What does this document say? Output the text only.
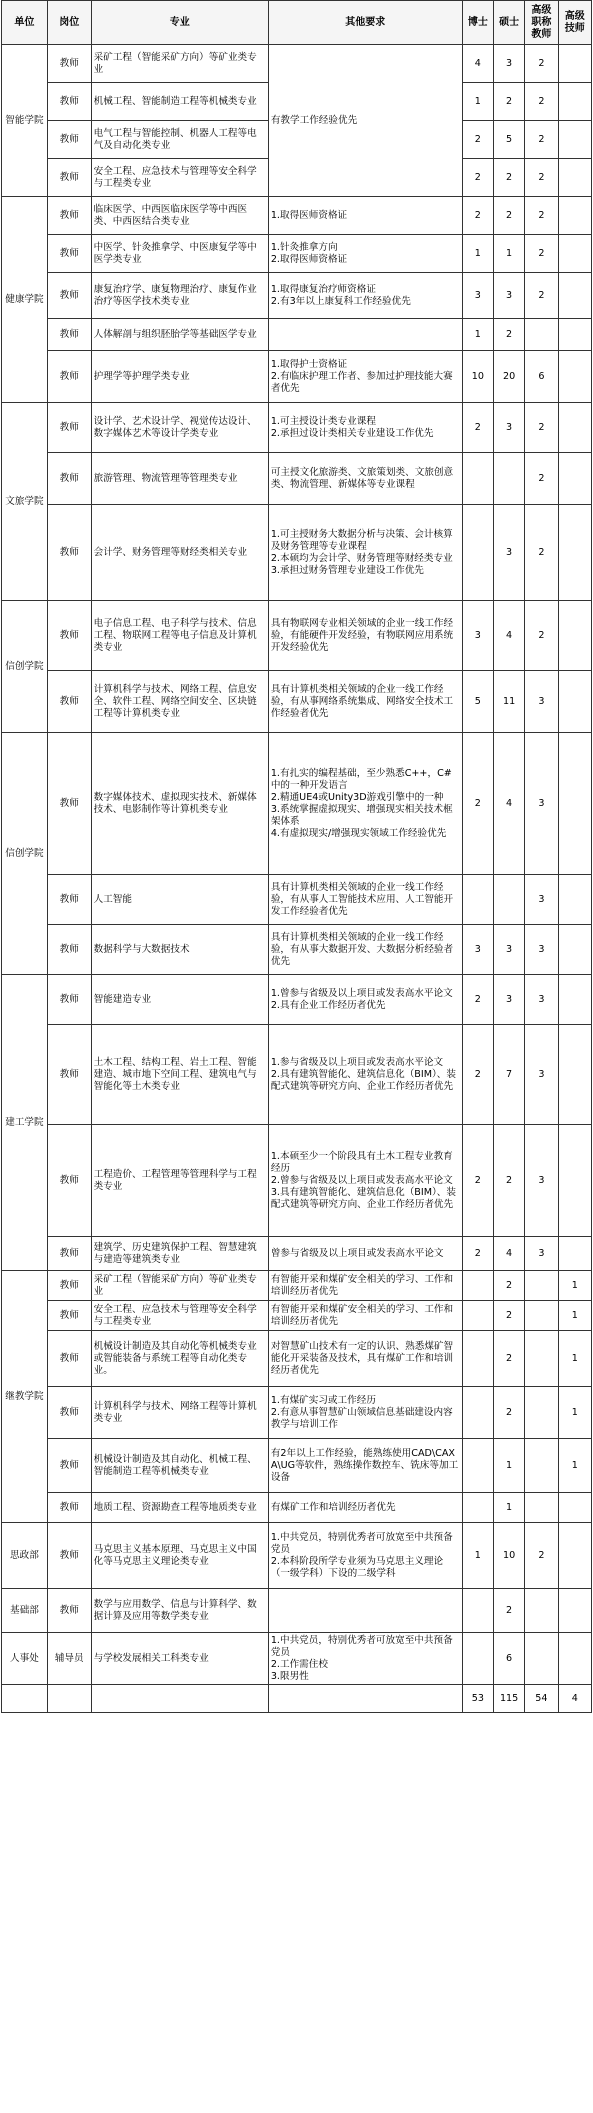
单位	岗位	专业	其他要求	博士	硕士	高级职称教师	高级技师
智能学院	教师	采矿工程（智能采矿方向）等矿业类专业	有教学工作经验优先	4	3	2	
	教师	机械工程、智能制造工程等机械类专业		1	2	2	
	教师	电气工程与智能控制、机器人工程等电气及自动化类专业		2	5	2	
	教师	安全工程、应急技术与管理等安全科学与工程类专业		2	2	2	
健康学院	教师	临床医学、中西医临床医学等中西医类、中西医结合类专业	1.取得医师资格证	2	2	2	
	教师	中医学、针灸推拿学、中医康复学等中医学类专业	1.针灸推拿方向
2.取得医师资格证	1	1	2	
	教师	康复治疗学、康复物理治疗、康复作业治疗等医学技术类专业	1.取得康复治疗师资格证
2.有3年以上康复科工作经验优先	3	3	2	
	教师	人体解剖与组织胚胎学等基础医学专业		1	2		
	教师	护理学等护理学类专业	1.取得护士资格证
2.有临床护理工作者、参加过护理技能大赛者优先	10	20	6	
文旅学院	教师	设计学、艺术设计学、视觉传达设计、数字媒体艺术等设计学类专业	1.可主授设计类专业课程
2.承担过设计类相关专业建设工作优先	2	3	2	
	教师	旅游管理、物流管理等管理类专业	可主授文化旅游类、文旅策划类、文旅创意类、物流管理、新媒体等专业课程			2	
	教师	会计学、财务管理等财经类相关专业	1.可主授财务大数据分析与决策、会计核算及财务管理等专业课程
2.本硕均为会计学、财务管理等财经类专业
3.承担过财务管理专业建设工作优先		3	2	
信创学院	教师	电子信息工程、电子科学与技术、信息工程、物联网工程等电子信息及计算机类专业	具有物联网专业相关领域的企业一线工作经验，有能硬件开发经验，有物联网应用系统开发经验优先	3	4	2	
	教师	计算机科学与技术、网络工程、信息安全、软件工程、网络空间安全、区块链工程等计算机类专业	具有计算机类相关领域的企业一线工作经验，有从事网络系统集成、网络安全技术工作经验者优先	5	11	3	
信创学院	教师	数字媒体技术、虚拟现实技术、新媒体技术、电影制作等计算机类专业	1.有扎实的编程基础，至少熟悉C++，C#中的一种开发语言
2.精通UE4或Unity3D游戏引擎中的一种
3.系统掌握虚拟现实、增强现实相关技术框架体系
4.有虚拟现实/增强现实领域工作经验优先	2	4	3	
	教师	人工智能	具有计算机类相关领域的企业一线工作经验，有从事人工智能技术应用、人工智能开发工作经验者优先			3	
	教师	数据科学与大数据技术	具有计算机类相关领域的企业一线工作经验，有从事大数据开发、大数据分析经验者优先	3	3	3	
建工学院	教师	智能建造专业	1.曾参与省级及以上项目或发表高水平论文
2.具有企业工作经历者优先	2	3	3	
	教师	土木工程、结构工程、岩土工程、智能建造、城市地下空间工程、建筑电气与智能化等土木类专业	1.参与省级及以上项目或发表高水平论文
2.具有建筑智能化、建筑信息化（BIM）、装配式建筑等研究方向、企业工作经历者优先	2	7	3	
	教师	工程造价、工程管理等管理科学与工程类专业	1.本硕至少一个阶段具有土木工程专业教育经历
2.曾参与省级及以上项目或发表高水平论文
3.具有建筑智能化、建筑信息化（BIM）、装配式建筑等研究方向、企业工作经历者优先	2	2	3	
	教师	建筑学、历史建筑保护工程、智慧建筑与建造等建筑类专业	曾参与省级及以上项目或发表高水平论文	2	4	3	
继教学院	教师	采矿工程（智能采矿方向）等矿业类专业	有智能开采和煤矿安全相关的学习、工作和培训经历者优先		2		1
	教师	安全工程、应急技术与管理等安全科学与工程类专业	有智能开采和煤矿安全相关的学习、工作和培训经历者优先		2		1
	教师	机械设计制造及其自动化等机械类专业或智能装备与系统工程等自动化类专业。	对智慧矿山技术有一定的认识、熟悉煤矿智能化开采装备及技术，具有煤矿工作和培训经历者优先		2		1
	教师	计算机科学与技术、网络工程等计算机类专业	1.有煤矿实习或工作经历
2.有意从事智慧矿山领域信息基础建设内容教学与培训工作		2		1
	教师	机械设计制造及其自动化、机械工程、智能制造工程等机械类专业	有2年以上工作经验，能熟练使用CAD\CAXA\UG等软件，熟练操作数控车、铣床等加工设备		1		1
	教师	地质工程、资源勘查工程等地质类专业	有煤矿工作和培训经历者优先		1		
思政部	教师	马克思主义基本原理、马克思主义中国化等马克思主义理论类专业	1.中共党员，特别优秀者可放宽至中共预备党员
2.本科阶段所学专业须为马克思主义理论（一级学科）下设的二级学科	1	10	2	
基础部	教师	数学与应用数学、信息与计算科学、数据计算及应用等数学类专业			2		
人事处	辅导员	与学校发展相关工科类专业	1.中共党员，特别优秀者可放宽至中共预备党员
2.工作需住校
3.限男性		6		
				53	115	54	4
